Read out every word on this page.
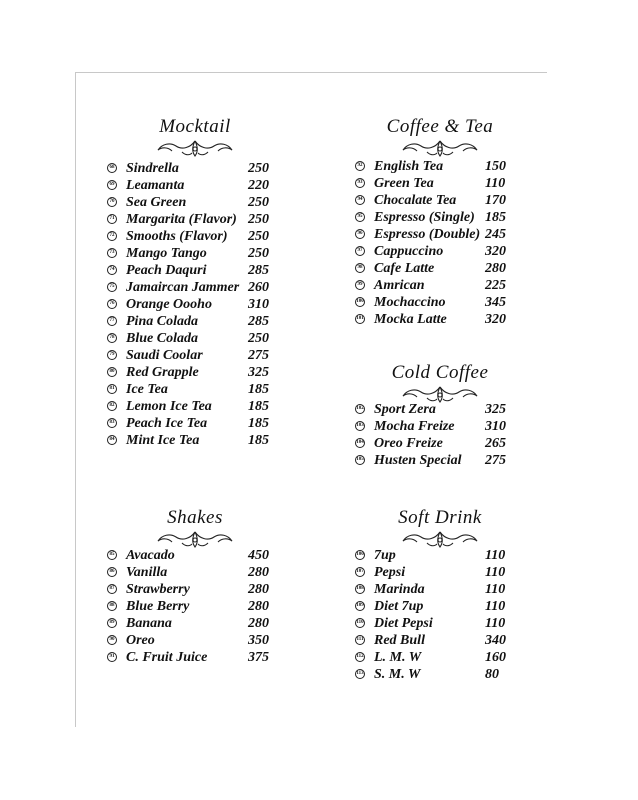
Mocktail
68 Sindrella	250
69 Leamanta	220
70 Sea Green	250
71 Margarita (Flavor) 250
72 Smooths (Flavor) 250
73 Mango Tango	250
74 Peach Daquri	285
75 Jamaircan Jammer 260
76 Orange Oooho	310
77 Pina Colada	285
78 Blue Colada	250
79 Saudi Coolar	275
80 Red Grapple	325
81 Ice Tea	185
82 Lemon Ice Tea	185
83 Peach Ice Tea	185
84 Mint Ice Tea	185
Coffee & Tea
92 English Tea	150
93 Green Tea	110
94 Chocalate Tea 170
95 Espresso (Single) 185
96 Espresso (Double) 245
97 Cappuccino	320
98 Cafe Latte	280
99 Amrican	225
100 Mochaccino	345
101 Mocka Latte	320
Cold Coffee
102 Sport Zera	325
103 Mocha Freize 310
104 Oreo Freize	265
105 Husten Special 275
Shakes
85 Avacado	450
86 Vanilla	280
87 Strawberry	280
88 Blue Berry	280
89 Banana	280
90 Oreo	350
91 C. Fruit Juice	375
Soft Drink
106 7up	110
107 Pepsi	110
108 Marinda	110
109 Diet 7up	110
110 Diet Pepsi	110
111 Red Bull	340
112 L. M. W	160
113 S. M. W	80
